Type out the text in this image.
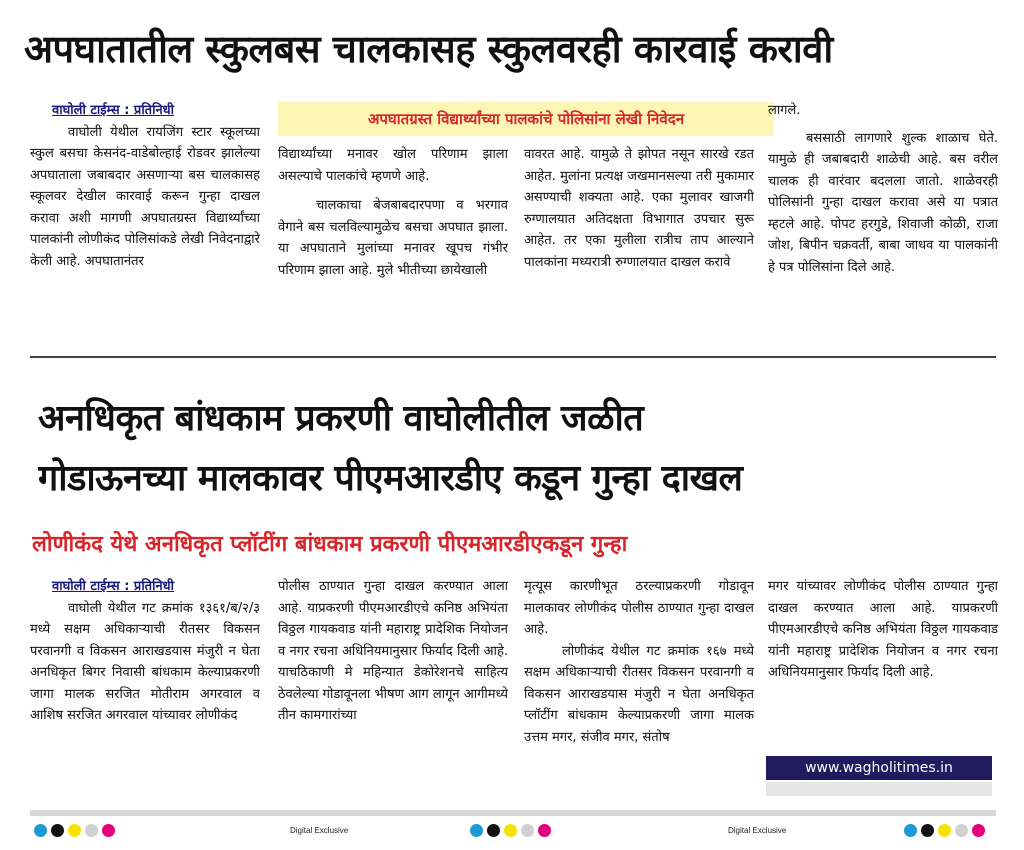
अपघातातील स्कुलबस चालकासह स्कुलवरही कारवाई करावी
अपघातग्रस्त विद्यार्थ्यांच्या पालकांचे पोलिसांना लेखी निवेदन
वाघोली टाईम्स : प्रतिनिधी

वाघोली येथील रायजिंग स्टार स्कूलच्या स्कुल बसचा केसनंद-वाडेबोल्हाई रोडवर झालेल्या अपघाताला जबाबदार असणाऱ्या बस चालकासह स्कूलवर देखील कारवाई करून गुन्हा दाखल करावा अशी मागणी अपघातग्रस्त विद्यार्थ्यांच्या पालकांनी लोणीकंद पोलिसांकडे लेखी निवेदनाद्वारे केली आहे. अपघातानंतर

विद्यार्थ्यांच्या मनावर खोल परिणाम झाला असल्याचे पालकांचे म्हणणे आहे.

चालकाचा बेजबाबदारपणा व भरगाव वेगाने बस चलविल्यामुळेच बसचा अपघात झाला. या अपघाताने मुलांच्या मनावर खूपच गंभीर परिणाम झाला आहे. मुले भीतीच्या छायेखाली

वावरत आहे. यामुळे ते झोपत नसून सारखे रडत आहेत. मुलांना प्रत्यक्ष जखमानसल्या तरी मुकामार असण्याची शक्यता आहे. एका मुलावर खाजगी रुग्णालयात अतिदक्षता विभागात उपचार सुरू आहेत. तर एका मुलीला रात्रीच ताप आल्याने पालकांना मध्यरात्री रुग्णालयात दाखल करावे

लागले.

बससाठी लागणारे शुल्क शाळाच घेते. यामुळे ही जबाबदारी शाळेची आहे. बस वरील चालक ही वारंवार बदलला जातो. शाळेवरही पोलिसांनी गुन्हा दाखल करावा असे या पत्रात म्हटले आहे. पोपट हरगुडे, शिवाजी कोळी, राजा जोश, बिपीन चक्रवर्ती, बाबा जाधव या पालकांनी हे पत्र पोलिसांना दिले आहे.

अनधिकृत बांधकाम प्रकरणी वाघोलीतील जळीत
गोडाऊनच्या मालकावर पीएमआरडीए कडून गुन्हा दाखल
लोणीकंद येथे अनधिकृत प्लॉटींग बांधकाम प्रकरणी पीएमआरडीएकडून गुन्हा
वाघोली टाईम्स : प्रतिनिधी

वाघोली येथील गट क्रमांक १३६१/ब/२/३ मध्ये सक्षम अधिकाऱ्याची रीतसर विकसन परवानगी व विकसन आराखडयास मंजुरी न घेता अनधिकृत बिगर निवासी बांधकाम केल्याप्रकरणी जागा मालक सरजित मोतीराम अगरवाल व आशिष सरजित अगरवाल यांच्यावर लोणीकंद

पोलीस ठाण्यात गुन्हा दाखल करण्यात आला आहे. याप्रकरणी पीएमआरडीएचे कनिष्ठ अभियंता विठ्ठल गायकवाड यांनी महाराष्ट्र प्रादेशिक नियोजन व नगर रचना अधिनियमानुसार फिर्याद दिली आहे. याचठिकाणी मे महिन्यात डेकोरेशनचे साहित्य ठेवलेल्या गोडावूनला भीषण आग लागून आगीमध्ये तीन कामगारांच्या

मृत्यूस कारणीभूत ठरल्याप्रकरणी गोडावून मालकावर लोणीकंद पोलीस ठाण्यात गुन्हा दाखल आहे.

लोणीकंद येथील गट क्रमांक १६७ मध्ये सक्षम अधिकाऱ्याची रीतसर विकसन परवानगी व विकसन आराखडयास मंजुरी न घेता अनधिकृत प्लॉटींग बांधकाम केल्याप्रकरणी जागा मालक उत्तम मगर, संजीव मगर, संतोष

मगर यांच्यावर लोणीकंद पोलीस ठाण्यात गुन्हा दाखल करण्यात आला आहे. याप्रकरणी पीएमआरडीएचे कनिष्ठ अभियंता विठ्ठल गायकवाड यांनी महाराष्ट्र प्रादेशिक नियोजन व नगर रचना अधिनियमानुसार फिर्याद दिली आहे.

www.wagholitimes.in
Digital Exclusive	Digital Exclusive
